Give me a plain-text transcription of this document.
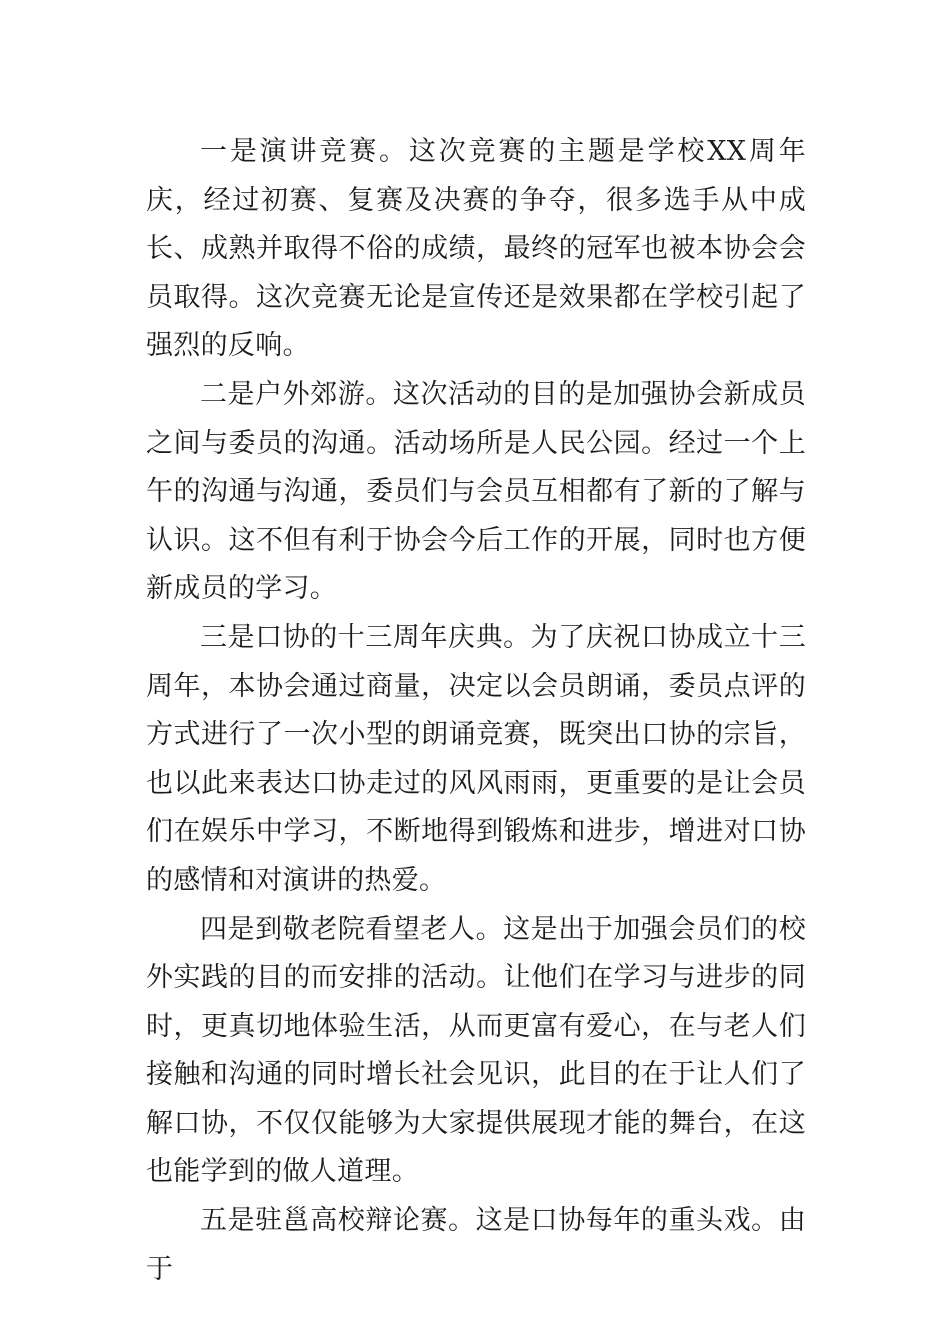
一是演讲竞赛。这次竞赛的主题是学校XX周年庆，经过初赛、复赛及决赛的争夺，很多选手从中成长、成熟并取得不俗的成绩，最终的冠军也被本协会会员取得。这次竞赛无论是宣传还是效果都在学校引起了强烈的反响。

二是户外郊游。这次活动的目的是加强协会新成员之间与委员的沟通。活动场所是人民公园。经过一个上午的沟通与沟通，委员们与会员互相都有了新的了解与认识。这不但有利于协会今后工作的开展，同时也方便新成员的学习。

三是口协的十三周年庆典。为了庆祝口协成立十三周年，本协会通过商量，决定以会员朗诵，委员点评的方式进行了一次小型的朗诵竞赛，既突出口协的宗旨，也以此来表达口协走过的风风雨雨，更重要的是让会员们在娱乐中学习，不断地得到锻炼和进步，增进对口协的感情和对演讲的热爱。

四是到敬老院看望老人。这是出于加强会员们的校外实践的目的而安排的活动。让他们在学习与进步的同时，更真切地体验生活，从而更富有爱心，在与老人们接触和沟通的同时增长社会见识，此目的在于让人们了解口协，不仅仅能够为大家提供展现才能的舞台，在这也能学到的做人道理。

五是驻邕高校辩论赛。这是口协每年的重头戏。由于
